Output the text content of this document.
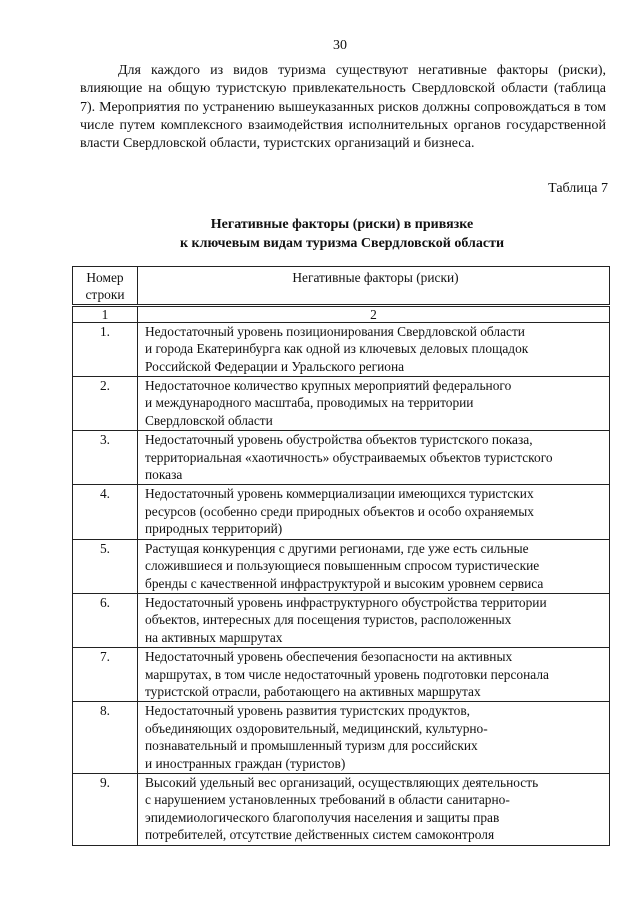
30

Для каждого из видов туризма существуют негативные факторы (риски), влияющие на общую туристскую привлекательность Свердловской области (таблица 7). Мероприятия по устранению вышеуказанных рисков должны сопровождаться в том числе путем комплексного взаимодействия исполнительных органов государственной власти Свердловской области, туристских организаций и бизнеса.

Таблица 7
Негативные факторы (риски) в привязке
к ключевым видам туризма Свердловской области
Номер
строки	Негативные факторы (риски)
1	2
1.	Недостаточный уровень позиционирования Свердловской области
и города Екатеринбурга как одной из ключевых деловых площадок
Российской Федерации и Уральского региона

2.	Недостаточное количество крупных мероприятий федерального
и международного масштаба, проводимых на территории
Свердловской области

3.	Недостаточный уровень обустройства объектов туристского показа,
территориальная «хаотичность» обустраиваемых объектов туристского
показа

4.	Недостаточный уровень коммерциализации имеющихся туристских
ресурсов (особенно среди природных объектов и особо охраняемых
природных территорий)

5.	Растущая конкуренция с другими регионами, где уже есть сильные
сложившиеся и пользующиеся повышенным спросом туристические
бренды с качественной инфраструктурой и высоким уровнем сервиса

6.	Недостаточный уровень инфраструктурного обустройства территории
объектов, интересных для посещения туристов, расположенных
на активных маршрутах

7.	Недостаточный уровень обеспечения безопасности на активных
маршрутах, в том числе недостаточный уровень подготовки персонала
туристской отрасли, работающего на активных маршрутах

8.	Недостаточный уровень развития туристских продуктов,
объединяющих оздоровительный, медицинский, культурно-
познавательный и промышленный туризм для российских
и иностранных граждан (туристов)

9.	Высокий удельный вес организаций, осуществляющих деятельность
с нарушением установленных требований в области санитарно-
эпидемиологического благополучия населения и защиты прав
потребителей, отсутствие действенных систем самоконтроля
